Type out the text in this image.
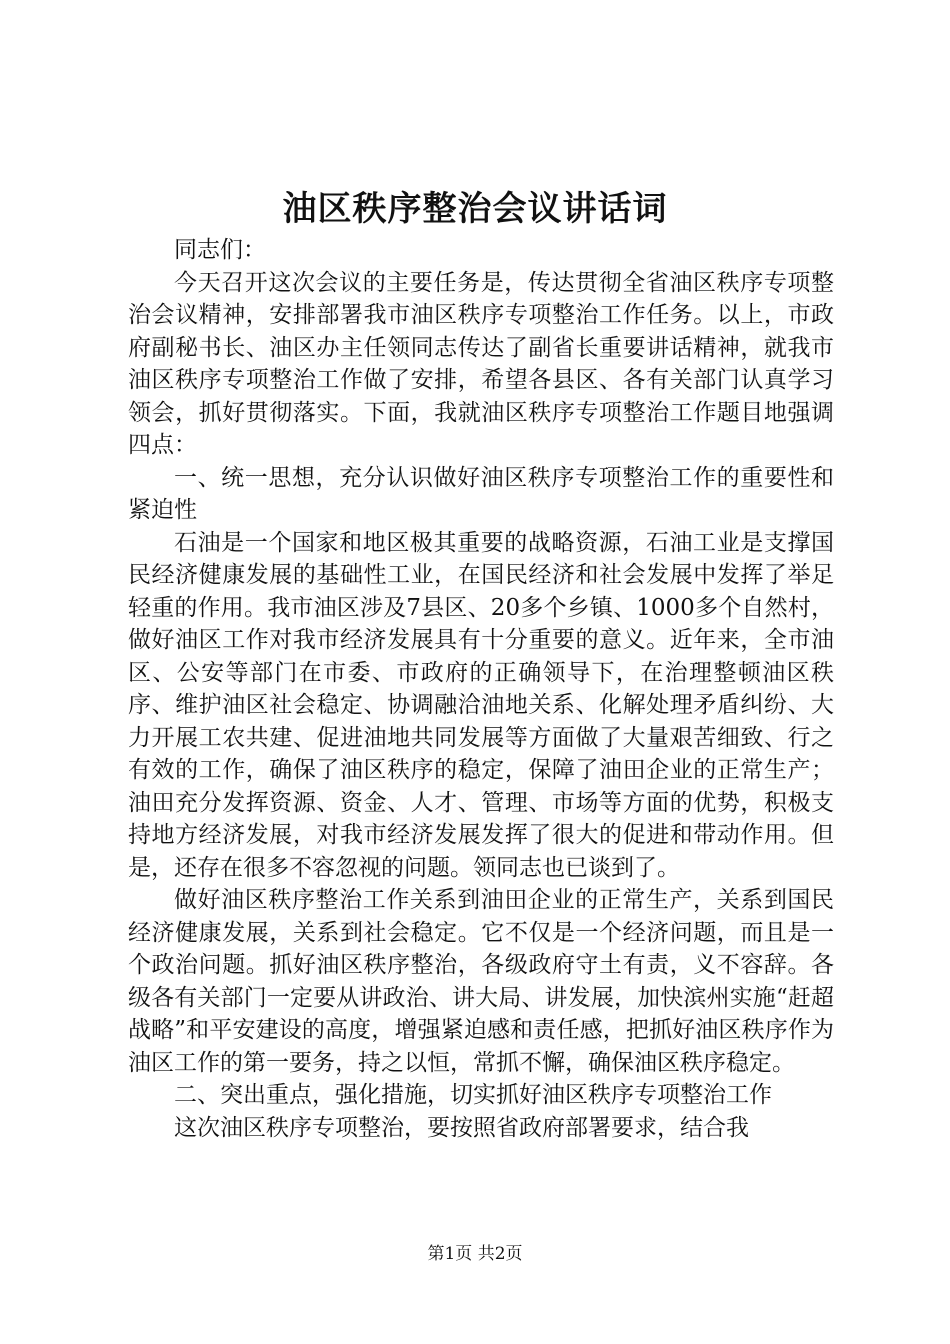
油区秩序整治会议讲话词

同志们：

今天召开这次会议的主要任务是，传达贯彻全省油区秩序专项整治会议精神，安排部署我市油区秩序专项整治工作任务。以上，市政府副秘书长、油区办主任领同志传达了副省长重要讲话精神，就我市油区秩序专项整治工作做了安排，希望各县区、各有关部门认真学习领会，抓好贯彻落实。下面，我就油区秩序专项整治工作题目地强调四点：

一、统一思想，充分认识做好油区秩序专项整治工作的重要性和紧迫性

石油是一个国家和地区极其重要的战略资源，石油工业是支撑国民经济健康发展的基础性工业，在国民经济和社会发展中发挥了举足轻重的作用。我市油区涉及7县区、20多个乡镇、1000多个自然村，做好油区工作对我市经济发展具有十分重要的意义。近年来，全市油区、公安等部门在市委、市政府的正确领导下，在治理整顿油区秩序、维护油区社会稳定、协调融洽油地关系、化解处理矛盾纠纷、大力开展工农共建、促进油地共同发展等方面做了大量艰苦细致、行之有效的工作，确保了油区秩序的稳定，保障了油田企业的正常生产；油田充分发挥资源、资金、人才、管理、市场等方面的优势，积极支持地方经济发展，对我市经济发展发挥了很大的促进和带动作用。但是，还存在很多不容忽视的问题。领同志也已谈到了。

做好油区秩序整治工作关系到油田企业的正常生产，关系到国民经济健康发展，关系到社会稳定。它不仅是一个经济问题，而且是一个政治问题。抓好油区秩序整治，各级政府守土有责，义不容辞。各级各有关部门一定要从讲政治、讲大局、讲发展，加快滨州实施“赶超战略”和平安建设的高度，增强紧迫感和责任感，把抓好油区秩序作为油区工作的第一要务，持之以恒，常抓不懈，确保油区秩序稳定。

二、突出重点，强化措施，切实抓好油区秩序专项整治工作

这次油区秩序专项整治，要按照省政府部署要求，结合我

第1页 共2页
